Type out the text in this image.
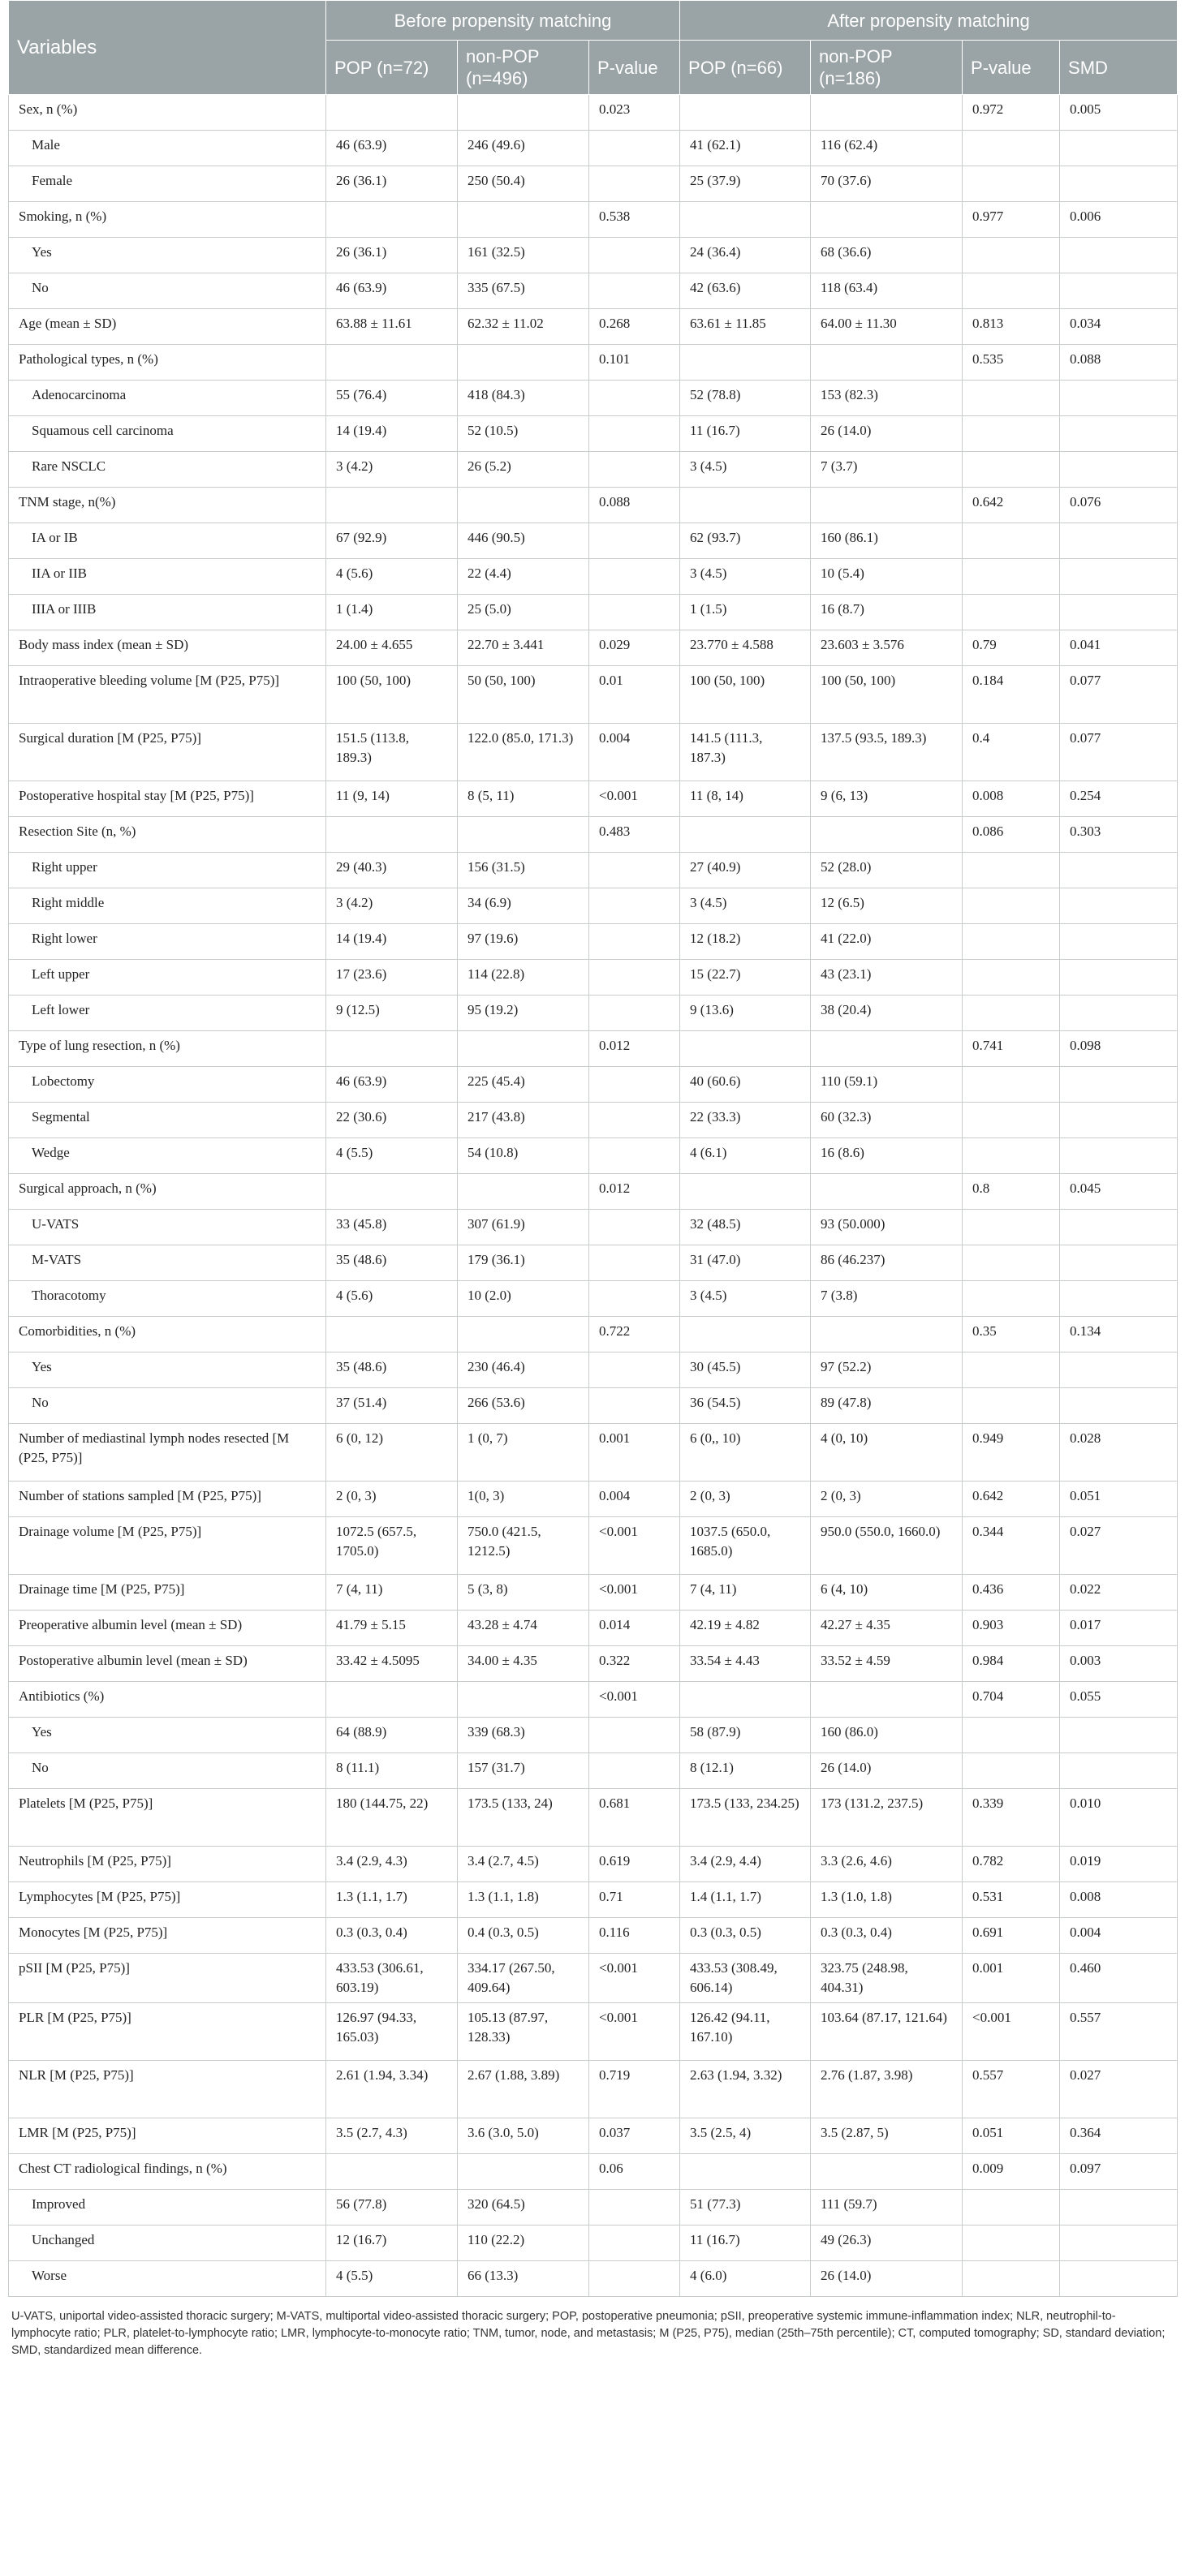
Variables	Before propensity matching			After propensity matching			
	POP (n=72)	non-POP (n=496)	P-value	POP (n=66)	non-POP (n=186)	P-value	SMD
Sex, n (%)			0.023			0.972	0.005
Male	46 (63.9)	246 (49.6)		41 (62.1)	116 (62.4)		
Female	26 (36.1)	250 (50.4)		25 (37.9)	70 (37.6)		
Smoking, n (%)			0.538			0.977	0.006
Yes	26 (36.1)	161 (32.5)		24 (36.4)	68 (36.6)		
No	46 (63.9)	335 (67.5)		42 (63.6)	118 (63.4)		
Age (mean ± SD)	63.88 ± 11.61	62.32 ± 11.02	0.268	63.61 ± 11.85	64.00 ± 11.30	0.813	0.034
Pathological types, n (%)			0.101			0.535	0.088
Adenocarcinoma	55 (76.4)	418 (84.3)		52 (78.8)	153 (82.3)		
Squamous cell carcinoma	14 (19.4)	52 (10.5)		11 (16.7)	26 (14.0)		
Rare NSCLC	3 (4.2)	26 (5.2)		3 (4.5)	7 (3.7)		
TNM stage, n(%)			0.088			0.642	0.076
IA or IB	67 (92.9)	446 (90.5)		62 (93.7)	160 (86.1)		
IIA or IIB	4 (5.6)	22 (4.4)		3 (4.5)	10 (5.4)		
IIIA or IIIB	1 (1.4)	25 (5.0)		1 (1.5)	16 (8.7)		
Body mass index (mean ± SD)	24.00 ± 4.655	22.70 ± 3.441	0.029	23.770 ± 4.588	23.603 ± 3.576	0.79	0.041
Intraoperative bleeding volume [M (P25, P75)]	100 (50, 100)	50 (50, 100)	0.01	100 (50, 100)	100 (50, 100)	0.184	0.077
Surgical duration [M (P25, P75)]	151.5 (113.8, 189.3)	122.0 (85.0, 171.3)	0.004	141.5 (111.3, 187.3)	137.5 (93.5, 189.3)	0.4	0.077
Postoperative hospital stay [M (P25, P75)]	11 (9, 14)	8 (5, 11)	<0.001	11 (8, 14)	9 (6, 13)	0.008	0.254
Resection Site (n, %)			0.483			0.086	0.303
Right upper	29 (40.3)	156 (31.5)		27 (40.9)	52 (28.0)		
Right middle	3 (4.2)	34 (6.9)		3 (4.5)	12 (6.5)		
Right lower	14 (19.4)	97 (19.6)		12 (18.2)	41 (22.0)		
Left upper	17 (23.6)	114 (22.8)		15 (22.7)	43 (23.1)		
Left lower	9 (12.5)	95 (19.2)		9 (13.6)	38 (20.4)		
Type of lung resection, n (%)			0.012			0.741	0.098
Lobectomy	46 (63.9)	225 (45.4)		40 (60.6)	110 (59.1)		
Segmental	22 (30.6)	217 (43.8)		22 (33.3)	60 (32.3)		
Wedge	4 (5.5)	54 (10.8)		4 (6.1)	16 (8.6)		
Surgical approach, n (%)			0.012			0.8	0.045
U-VATS	33 (45.8)	307 (61.9)		32 (48.5)	93 (50.000)		
M-VATS	35 (48.6)	179 (36.1)		31 (47.0)	86 (46.237)		
Thoracotomy	4 (5.6)	10 (2.0)		3 (4.5)	7 (3.8)		
Comorbidities, n (%)			0.722			0.35	0.134
Yes	35 (48.6)	230 (46.4)		30 (45.5)	97 (52.2)		
No	37 (51.4)	266 (53.6)		36 (54.5)	89 (47.8)		
Number of mediastinal lymph nodes resected [M (P25, P75)]	6 (0, 12)	1 (0, 7)	0.001	6 (0,, 10)	4 (0, 10)	0.949	0.028
Number of stations sampled [M (P25, P75)]	2 (0, 3)	1(0, 3)	0.004	2 (0, 3)	2 (0, 3)	0.642	0.051
Drainage volume [M (P25, P75)]	1072.5 (657.5, 1705.0)	750.0 (421.5, 1212.5)	<0.001	1037.5 (650.0, 1685.0)	950.0 (550.0, 1660.0)	0.344	0.027
Drainage time [M (P25, P75)]	7 (4, 11)	5 (3, 8)	<0.001	7 (4, 11)	6 (4, 10)	0.436	0.022
Preoperative albumin level (mean ± SD)	41.79 ± 5.15	43.28 ± 4.74	0.014	42.19 ± 4.82	42.27 ± 4.35	0.903	0.017
Postoperative albumin level (mean ± SD)	33.42 ± 4.5095	34.00 ± 4.35	0.322	33.54 ± 4.43	33.52 ± 4.59	0.984	0.003
Antibiotics (%)			<0.001			0.704	0.055
Yes	64 (88.9)	339 (68.3)		58 (87.9)	160 (86.0)		
No	8 (11.1)	157 (31.7)		8 (12.1)	26 (14.0)		
Platelets [M (P25, P75)]	180 (144.75, 22)	173.5 (133, 24)	0.681	173.5 (133, 234.25)	173 (131.2, 237.5)	0.339	0.010
Neutrophils [M (P25, P75)]	3.4 (2.9, 4.3)	3.4 (2.7, 4.5)	0.619	3.4 (2.9, 4.4)	3.3 (2.6, 4.6)	0.782	0.019
Lymphocytes [M (P25, P75)]	1.3 (1.1, 1.7)	1.3 (1.1, 1.8)	0.71	1.4 (1.1, 1.7)	1.3 (1.0, 1.8)	0.531	0.008
Monocytes [M (P25, P75)]	0.3 (0.3, 0.4)	0.4 (0.3, 0.5)	0.116	0.3 (0.3, 0.5)	0.3 (0.3, 0.4)	0.691	0.004
pSII [M (P25, P75)]	433.53 (306.61, 603.19)	334.17 (267.50, 409.64)	<0.001	433.53 (308.49, 606.14)	323.75 (248.98, 404.31)	0.001	0.460
PLR [M (P25, P75)]	126.97 (94.33, 165.03)	105.13 (87.97, 128.33)	<0.001	126.42 (94.11, 167.10)	103.64 (87.17, 121.64)	<0.001	0.557
NLR [M (P25, P75)]	2.61 (1.94, 3.34)	2.67 (1.88, 3.89)	0.719	2.63 (1.94, 3.32)	2.76 (1.87, 3.98)	0.557	0.027
LMR [M (P25, P75)]	3.5 (2.7, 4.3)	3.6 (3.0, 5.0)	0.037	3.5 (2.5, 4)	3.5 (2.87, 5)	0.051	0.364
Chest CT radiological findings, n (%)			0.06			0.009	0.097
Improved	56 (77.8)	320 (64.5)		51 (77.3)	111 (59.7)		
Unchanged	12 (16.7)	110 (22.2)		11 (16.7)	49 (26.3)		
Worse	4 (5.5)	66 (13.3)		4 (6.0)	26 (14.0)		
U-VATS, uniportal video-assisted thoracic surgery; M-VATS, multiportal video-assisted thoracic surgery; POP, postoperative pneumonia; pSII, preoperative systemic immune-inflammation index; NLR, neutrophil-to-lymphocyte ratio; PLR, platelet-to-lymphocyte ratio; LMR, lymphocyte-to-monocyte ratio; TNM, tumor, node, and metastasis; M (P25, P75), median (25th–75th percentile); CT, computed tomography; SD, standard deviation; SMD, standardized mean difference.
